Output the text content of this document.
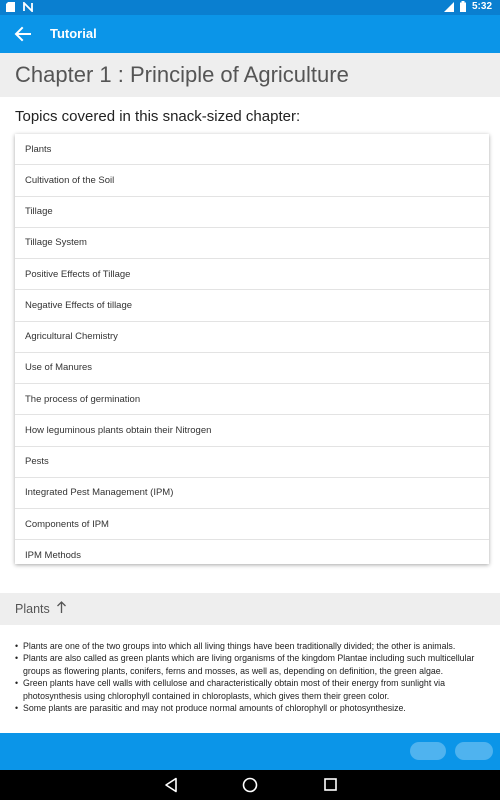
5:32
Tutorial
Chapter 1 : Principle of Agriculture
Topics covered in this snack-sized chapter:
Plants
Cultivation of the Soil
Tillage
Tillage System
Positive Effects of Tillage
Negative Effects of tillage
Agricultural Chemistry
Use of Manures
The process of germination
How leguminous plants obtain their Nitrogen
Pests
Integrated Pest Management (IPM)
Components of IPM
IPM Methods
Plants
• Plants are one of the two groups into which all living things have been traditionally divided; the other is animals.
• Plants are also called as green plants which are living organisms of the kingdom Plantae including such multicellular groups as flowering plants, conifers, ferns and mosses, as well as, depending on definition, the green algae.
• Green plants have cell walls with cellulose and characteristically obtain most of their energy from sunlight via photosynthesis using chlorophyll contained in chloroplasts, which gives them their green color.
• Some plants are parasitic and may not produce normal amounts of chlorophyll or photosynthesize.
